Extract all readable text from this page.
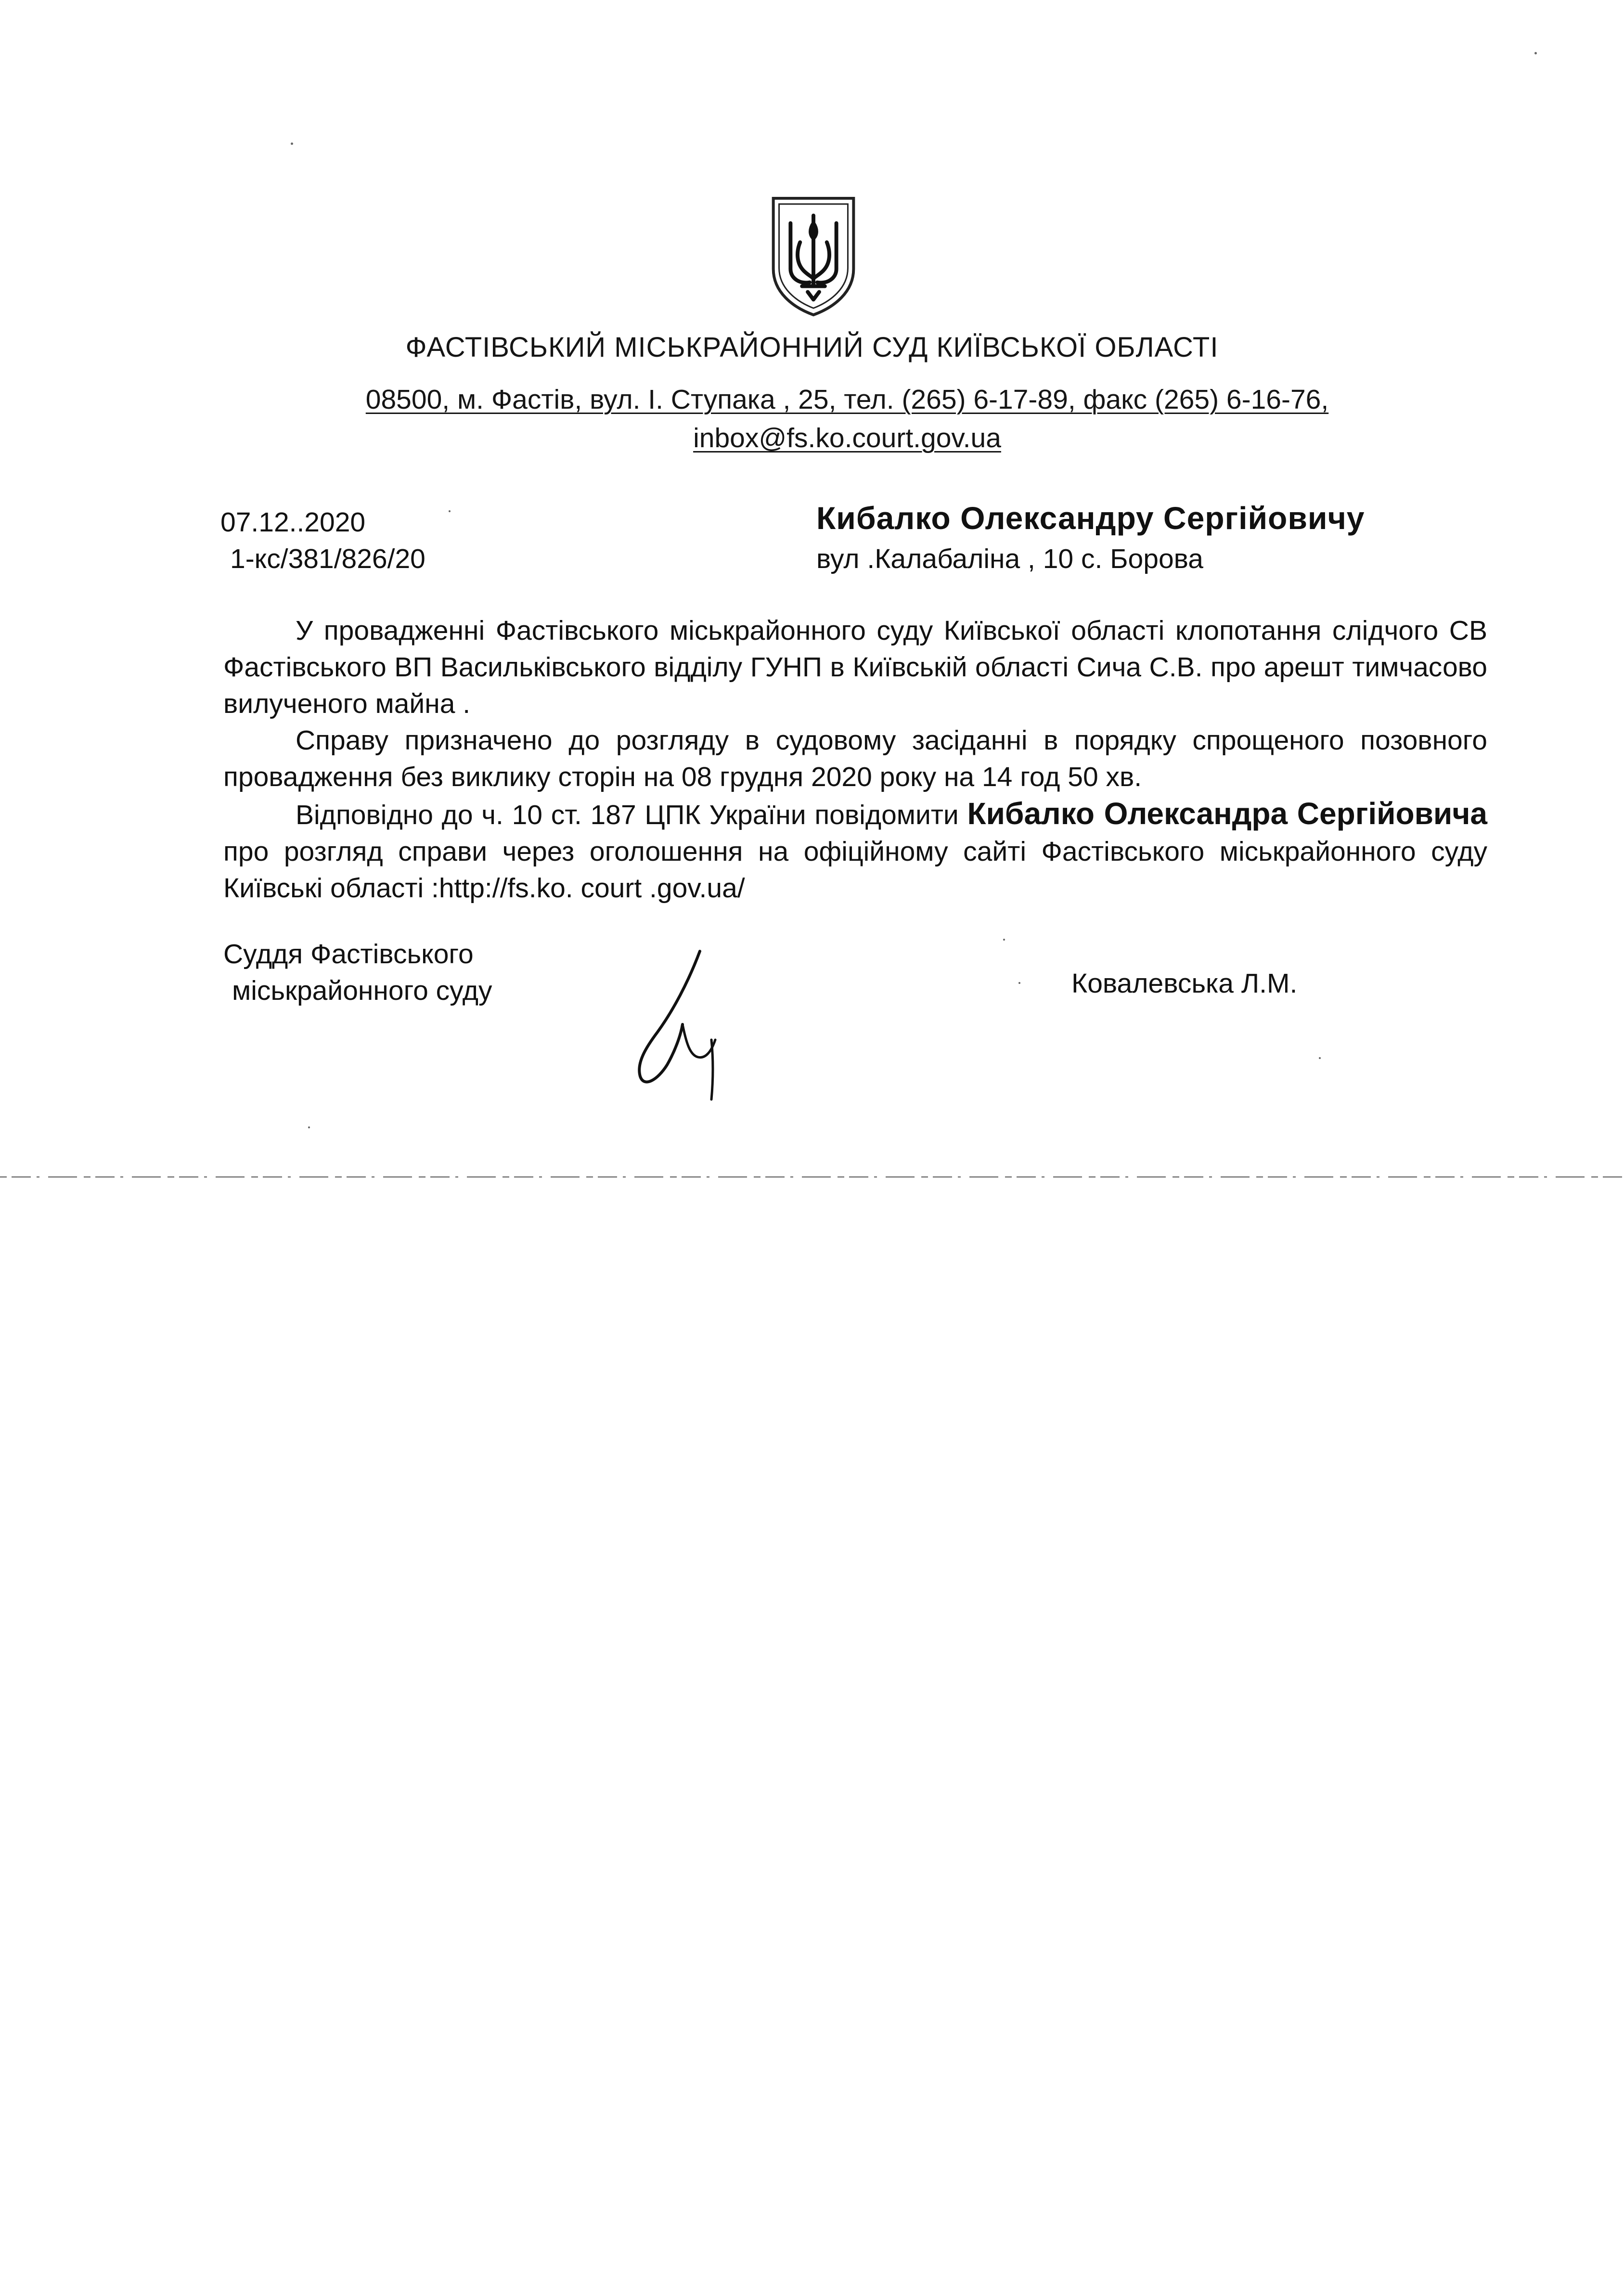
ФАСТІВСЬКИЙ МІСЬКРАЙОННИЙ СУД КИЇВСЬКОЇ ОБЛАСТІ
08500, м. Фастів, вул. І. Ступака , 25, тел. (265) 6-17-89, факс (265) 6-16-76,
inbox@fs.ko.court.gov.ua
07.12..2020
1-кс/381/826/20
Кибалко Олександру Сергійовичу
вул .Калабаліна , 10 с. Борова

У провадженні Фастівського міськрайонного суду Київської області клопотання слідчого СВ Фастівського ВП Васильківського відділу ГУНП в Київській області Сича С.В. про арешт тимчасово вилученого майна .

Справу призначено до розгляду в судовому засіданні в порядку спрощеного позовного провадження без виклику сторін на 08 грудня 2020 року на 14 год 50 хв.

Відповідно до ч. 10 ст. 187 ЦПК України повідомити Кибалко Олександра Сергійовича про розгляд справи через оголошення на офіційному сайті Фастівського міськрайонного суду Київські області :http://fs.ko. court .gov.ua/

Суддя Фастівського
міськрайонного суду	Ковалевська Л.М.
